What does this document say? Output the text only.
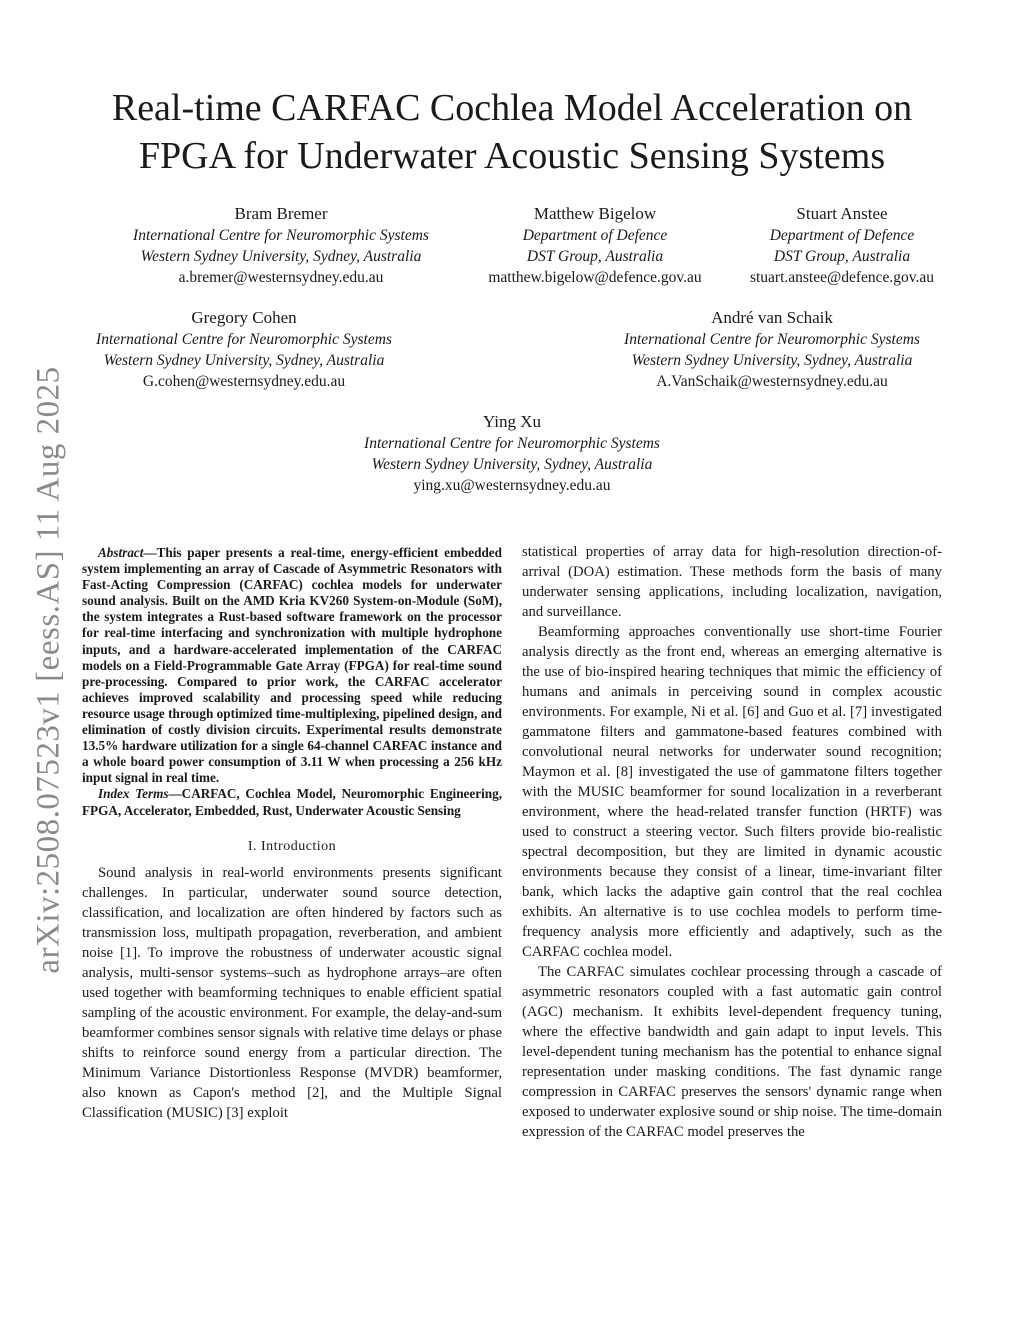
arXiv:2508.07523v1 [eess.AS] 11 Aug 2025
Real-time CARFAC Cochlea Model Acceleration on
FPGA for Underwater Acoustic Sensing Systems
Bram Bremer
International Centre for Neuromorphic Systems
Western Sydney University, Sydney, Australia
a.bremer@westernsydney.edu.au
Matthew Bigelow
Department of Defence
DST Group, Australia
matthew.bigelow@defence.gov.au
Stuart Anstee
Department of Defence
DST Group, Australia
stuart.anstee@defence.gov.au
Gregory Cohen
International Centre for Neuromorphic Systems
Western Sydney University, Sydney, Australia
G.cohen@westernsydney.edu.au
André van Schaik
International Centre for Neuromorphic Systems
Western Sydney University, Sydney, Australia
A.VanSchaik@westernsydney.edu.au
Ying Xu
International Centre for Neuromorphic Systems
Western Sydney University, Sydney, Australia
ying.xu@westernsydney.edu.au

Abstract—This paper presents a real-time, energy-efficient embedded system implementing an array of Cascade of Asymmetric Resonators with Fast-Acting Compression (CARFAC) cochlea models for underwater sound analysis. Built on the AMD Kria KV260 System-on-Module (SoM), the system integrates a Rust-based software framework on the processor for real-time interfacing and synchronization with multiple hydrophone inputs, and a hardware-accelerated implementation of the CARFAC models on a Field-Programmable Gate Array (FPGA) for real-time sound pre-processing. Compared to prior work, the CARFAC accelerator achieves improved scalability and processing speed while reducing resource usage through optimized time-multiplexing, pipelined design, and elimination of costly division circuits. Experimental results demonstrate 13.5% hardware utilization for a single 64-channel CARFAC instance and a whole board power consumption of 3.11 W when processing a 256 kHz input signal in real time.

Index Terms—CARFAC, Cochlea Model, Neuromorphic Engineering, FPGA, Accelerator, Embedded, Rust, Underwater Acoustic Sensing

I. Introduction

Sound analysis in real-world environments presents significant challenges. In particular, underwater sound source detection, classification, and localization are often hindered by factors such as transmission loss, multipath propagation, reverberation, and ambient noise [1]. To improve the robustness of underwater acoustic signal analysis, multi-sensor systems–such as hydrophone arrays–are often used together with beamforming techniques to enable efficient spatial sampling of the acoustic environment. For example, the delay-and-sum beamformer combines sensor signals with relative time delays or phase shifts to reinforce sound energy from a particular direction. The Minimum Variance Distortionless Response (MVDR) beamformer, also known as Capon's method [2], and the Multiple Signal Classification (MUSIC) [3] exploit

statistical properties of array data for high-resolution direction-of-arrival (DOA) estimation. These methods form the basis of many underwater sensing applications, including localization, navigation, and surveillance.

Beamforming approaches conventionally use short-time Fourier analysis directly as the front end, whereas an emerging alternative is the use of bio-inspired hearing techniques that mimic the efficiency of humans and animals in perceiving sound in complex acoustic environments. For example, Ni et al. [6] and Guo et al. [7] investigated gammatone filters and gammatone-based features combined with convolutional neural networks for underwater sound recognition; Maymon et al. [8] investigated the use of gammatone filters together with the MUSIC beamformer for sound localization in a reverberant environment, where the head-related transfer function (HRTF) was used to construct a steering vector. Such filters provide bio-realistic spectral decomposition, but they are limited in dynamic acoustic environments because they consist of a linear, time-invariant filter bank, which lacks the adaptive gain control that the real cochlea exhibits. An alternative is to use cochlea models to perform time-frequency analysis more efficiently and adaptively, such as the CARFAC cochlea model.

The CARFAC simulates cochlear processing through a cascade of asymmetric resonators coupled with a fast automatic gain control (AGC) mechanism. It exhibits level-dependent frequency tuning, where the effective bandwidth and gain adapt to input levels. This level-dependent tuning mechanism has the potential to enhance signal representation under masking conditions. The fast dynamic range compression in CARFAC preserves the sensors' dynamic range when exposed to underwater explosive sound or ship noise. The time-domain expression of the CARFAC model preserves the
